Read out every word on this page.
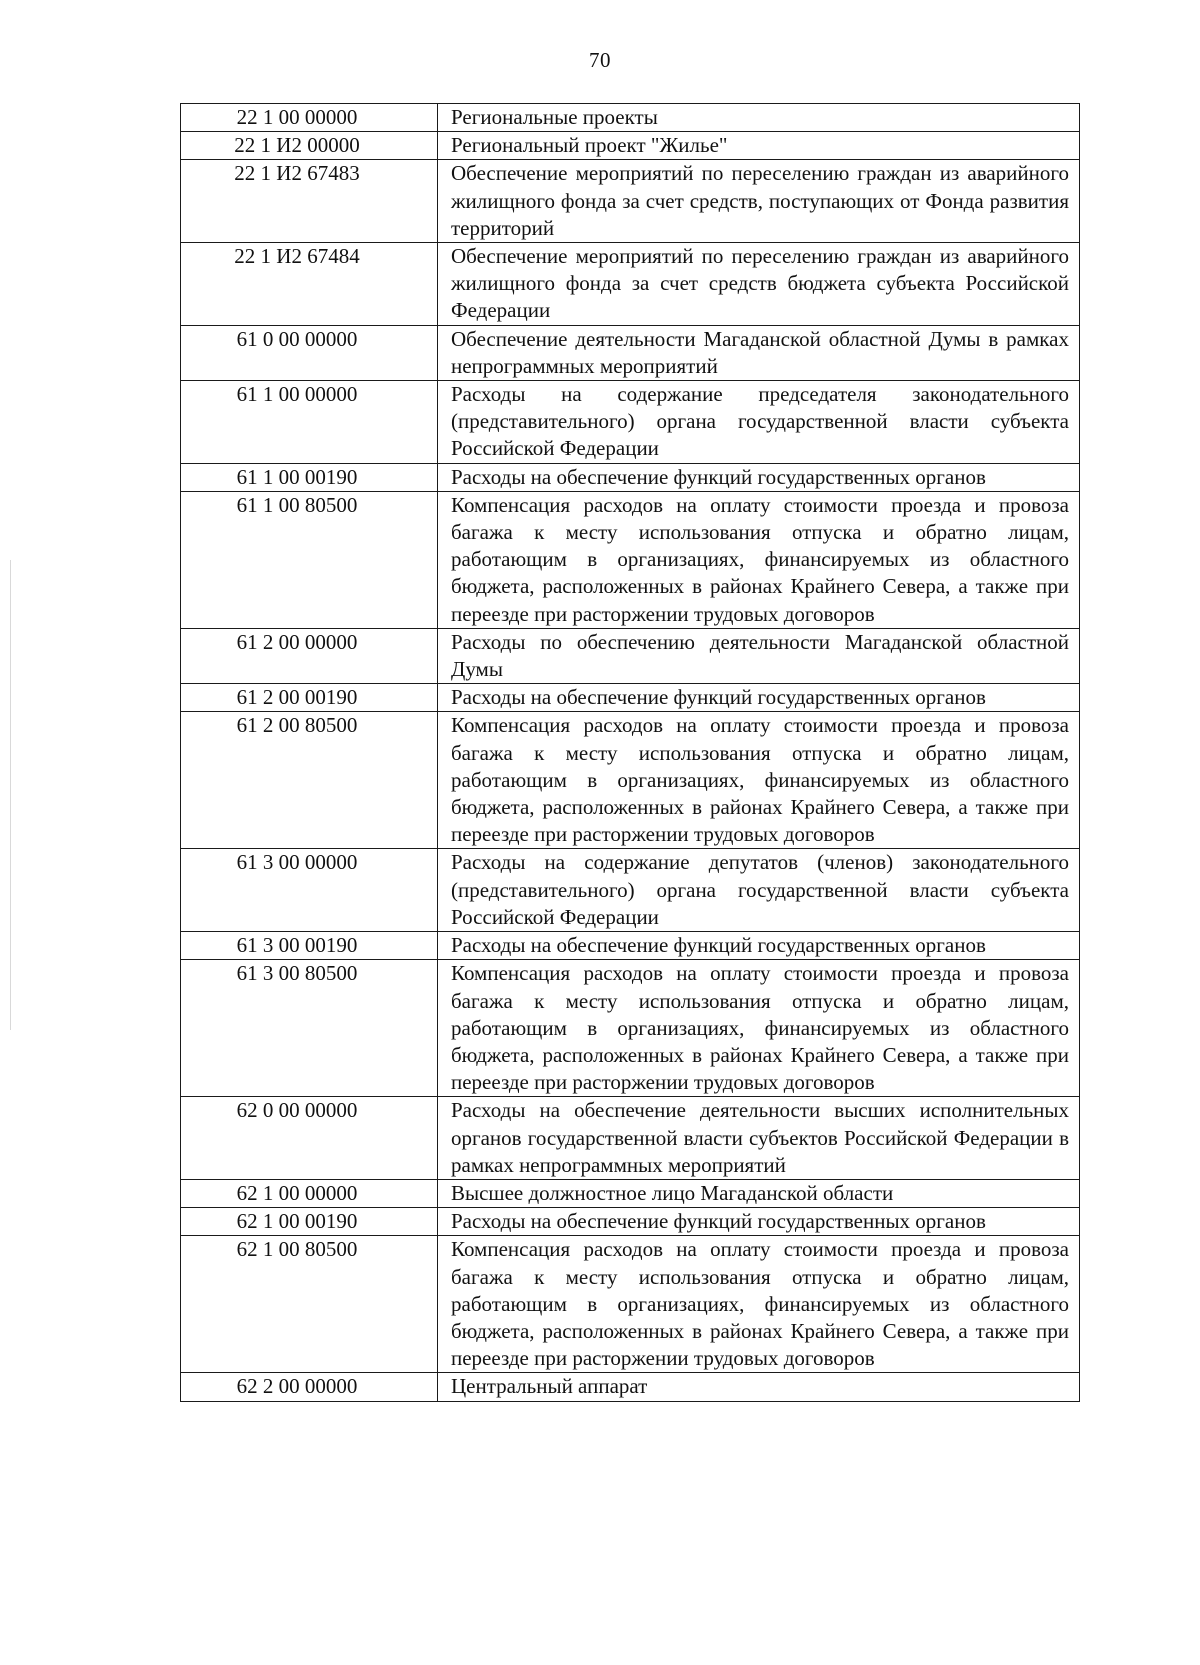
70
22 1 00 00000	Региональные проекты
22 1 И2 00000	Региональный проект "Жилье"
22 1 И2 67483	Обеспечение мероприятий по переселению граждан из аварийного жилищного фонда за счет средств, поступающих от Фонда развития территорий
22 1 И2 67484	Обеспечение мероприятий по переселению граждан из аварийного жилищного фонда за счет средств бюджета субъекта Российской Федерации
61 0 00 00000	Обеспечение деятельности Магаданской областной Думы в рамках непрограммных мероприятий
61 1 00 00000	Расходы на содержание председателя законодательного (представительного) органа государственной власти субъекта Российской Федерации
61 1 00 00190	Расходы на обеспечение функций государственных органов
61 1 00 80500	Компенсация расходов на оплату стоимости проезда и провоза багажа к месту использования отпуска и обратно лицам, работающим в организациях, финансируемых из областного бюджета, расположенных в районах Крайнего Севера, а также при переезде при расторжении трудовых договоров
61 2 00 00000	Расходы по обеспечению деятельности Магаданской областной Думы
61 2 00 00190	Расходы на обеспечение функций государственных органов
61 2 00 80500	Компенсация расходов на оплату стоимости проезда и провоза багажа к месту использования отпуска и обратно лицам, работающим в организациях, финансируемых из областного бюджета, расположенных в районах Крайнего Севера, а также при переезде при расторжении трудовых договоров
61 3 00 00000	Расходы на содержание депутатов (членов) законодательного (представительного) органа государственной власти субъекта Российской Федерации
61 3 00 00190	Расходы на обеспечение функций государственных органов
61 3 00 80500	Компенсация расходов на оплату стоимости проезда и провоза багажа к месту использования отпуска и обратно лицам, работающим в организациях, финансируемых из областного бюджета, расположенных в районах Крайнего Севера, а также при переезде при расторжении трудовых договоров
62 0 00 00000	Расходы на обеспечение деятельности высших исполнительных органов государственной власти субъектов Российской Федерации в рамках непрограммных мероприятий
62 1 00 00000	Высшее должностное лицо Магаданской области
62 1 00 00190	Расходы на обеспечение функций государственных органов
62 1 00 80500	Компенсация расходов на оплату стоимости проезда и провоза багажа к месту использования отпуска и обратно лицам, работающим в организациях, финансируемых из областного бюджета, расположенных в районах Крайнего Севера, а также при переезде при расторжении трудовых договоров
62 2 00 00000	Центральный аппарат
